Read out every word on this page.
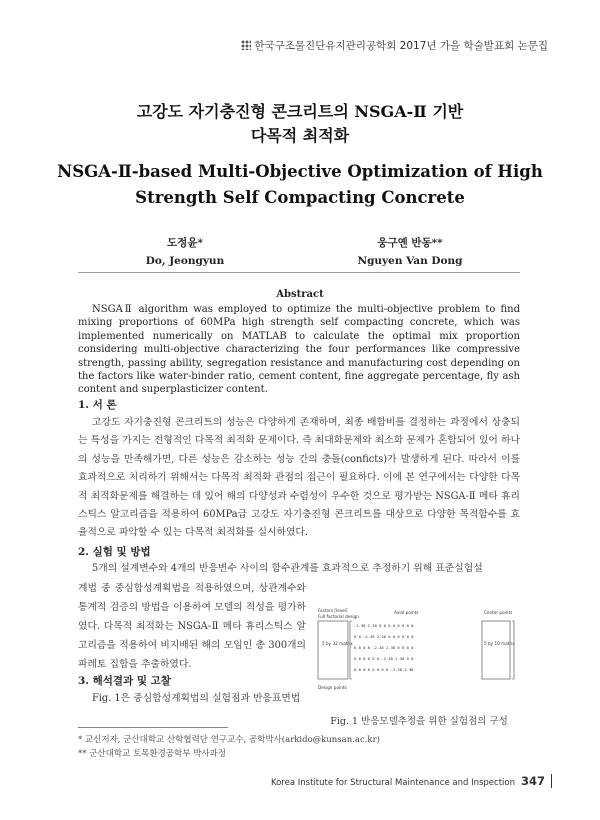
한국구조물진단유지관리공학회 2017년 가을 학술발표회 논문집
고강도 자기충진형 콘크리트의 NSGA-Ⅱ 기반
다목적 최적화
NSGA-Ⅱ-based Multi-Objective Optimization of High
Strength Self Compacting Concrete
도정윤*
Do, Jeongyun
웅구옌 반동**
Nguyen Van Dong
Abstract
NSGAⅡ algorithm was employed to optimize the multi-objective problem to find mixing proportions of 60MPa high strength self compacting concrete, which was implemented numerically on MATLAB to calculate the optimal mix proportion considering multi-objective characterizing the four performances like compressive strength, passing ability, segregation resistance and manufacturing cost depending on the factors like water-binder ratio, cement content, fine aggregate percentage, fly ash content and superplasticizer content.
1. 서 론
고강도 자기충진형 콘크리트의 성능은 다양하게 존재하며, 최종 배합비를 결정하는 과정에서 상충되는 특성을 가지는 전형적인 다목적 최적화 문제이다. 즉 최대화문제와 최소화 문제가 혼합되어 있어 하나의 성능을 만족해가면, 다른 성능은 감소하는 성능 간의 충돌(conficts)가 발생하게 된다. 따라서 이를 효과적으로 처리하기 위해서는 다목적 최적화 관점의 접근이 필요하다. 이에 본 연구에서는 다양한 다목적 최적화문제를 해결하는 데 있어 해의 다양성과 수렴성이 우수한 것으로 평가받는 NSGA-Ⅱ 메타 휴리스틱스 알고리즘을 적용하여 60MPa급 고강도 자기충진형 콘크리트를 대상으로 다양한 목적함수를 효율적으로 파악할 수 있는 다목적 최적화를 실시하였다.
2. 실험 및 방법
5개의 설계변수와 4개의 반응변수 사이의 함수관계를 효과적으로 추정하기 위해 표준실험설
계법 중 중심합성계획법을 적용하였으며, 상관계수와 통계적 검증의 방법을 이용하여 모델의 적성을 평가하였다. 다목적 최적화는 NSGA-Ⅱ 메타 휴리스틱스 알고리즘을 적용하여 비지배된 해의 모임인 총 300개의 파레토 집합을 추출하였다.
3. 해석결과 및 고찰
Fig. 1은 중심합성계획법의 실험점과 반응표면법
Factors [level]
Full factorial design
Axial points	Center points
Design points
5 by 32 matrix	5 by 10 matrix
-2.38 2.38 0 0 0 0 0 0 0 0
0 0 -2.38 2.38 0 0 0 0 0 0
0 0 0 0 -2.38 2.38 0 0 0 0
0 0 0 0 0 0 -2.38 2.38 0 0
0 0 0 0 0 0 0 0 -2.38 2.38
Fig. 1 반응모델추정을 위한 실험점의 구성
* 교신저자, 군산대학교 산학협력단 연구교수, 공학박사(arkido@kunsan.ac.kr)
** 군산대학교 토목환경공학부 박사과정
Korea Institute for Structural Maintenance and Inspection 347
